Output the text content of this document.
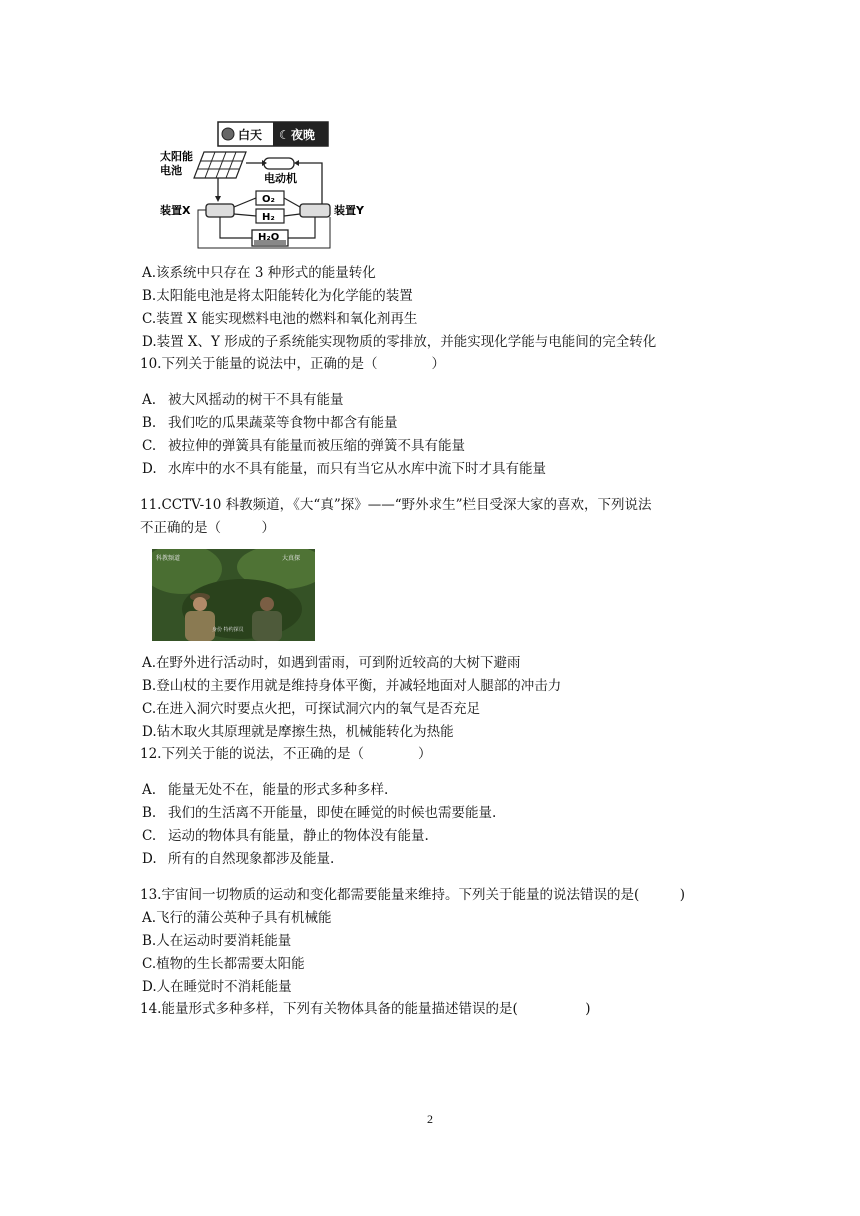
白天 ☾ 夜晚
太阳能
电池
电动机
装置X	装置Y
O₂
H₂
H₂O
A.该系统中只存在 3 种形式的能量转化
B.太阳能电池是将太阳能转化为化学能的装置
C.装置 X 能实现燃料电池的燃料和氧化剂再生
D.装置 X、Y 形成的子系统能实现物质的零排放，并能实现化学能与电能间的完全转化
10.下列关于能量的说法中，正确的是（　　　　）
A. 被大风摇动的树干不具有能量
B. 我们吃的瓜果蔬菜等食物中都含有能量
C. 被拉伸的弹簧具有能量而被压缩的弹簧不具有能量
D. 水库中的水不具有能量，而只有当它从水库中流下时才具有能量
11.CCTV-10 科教频道，《大“真”探》——“野外求生”栏目受深大家的喜欢，下列说法
不正确的是（　　　）
科教频道	大真探
身份 特约探员
A.在野外进行活动时，如遇到雷雨，可到附近较高的大树下避雨
B.登山杖的主要作用就是维持身体平衡，并减轻地面对人腿部的冲击力
C.在进入洞穴时要点火把，可探试洞穴内的氧气是否充足
D.钻木取火其原理就是摩擦生热，机械能转化为热能
12.下列关于能的说法，不正确的是（　　　　）
A. 能量无处不在，能量的形式多种多样.
B. 我们的生活离不开能量，即使在睡觉的时候也需要能量.
C. 运动的物体具有能量，静止的物体没有能量.
D. 所有的自然现象都涉及能量.
13.宇宙间一切物质的运动和变化都需要能量来维持。下列关于能量的说法错误的是(　　　)
A.飞行的蒲公英种子具有机械能
B.人在运动时要消耗能量
C.植物的生长都需要太阳能
D.人在睡觉时不消耗能量
14.能量形式多种多样，下列有关物体具备的能量描述错误的是(　　　　　)
2
